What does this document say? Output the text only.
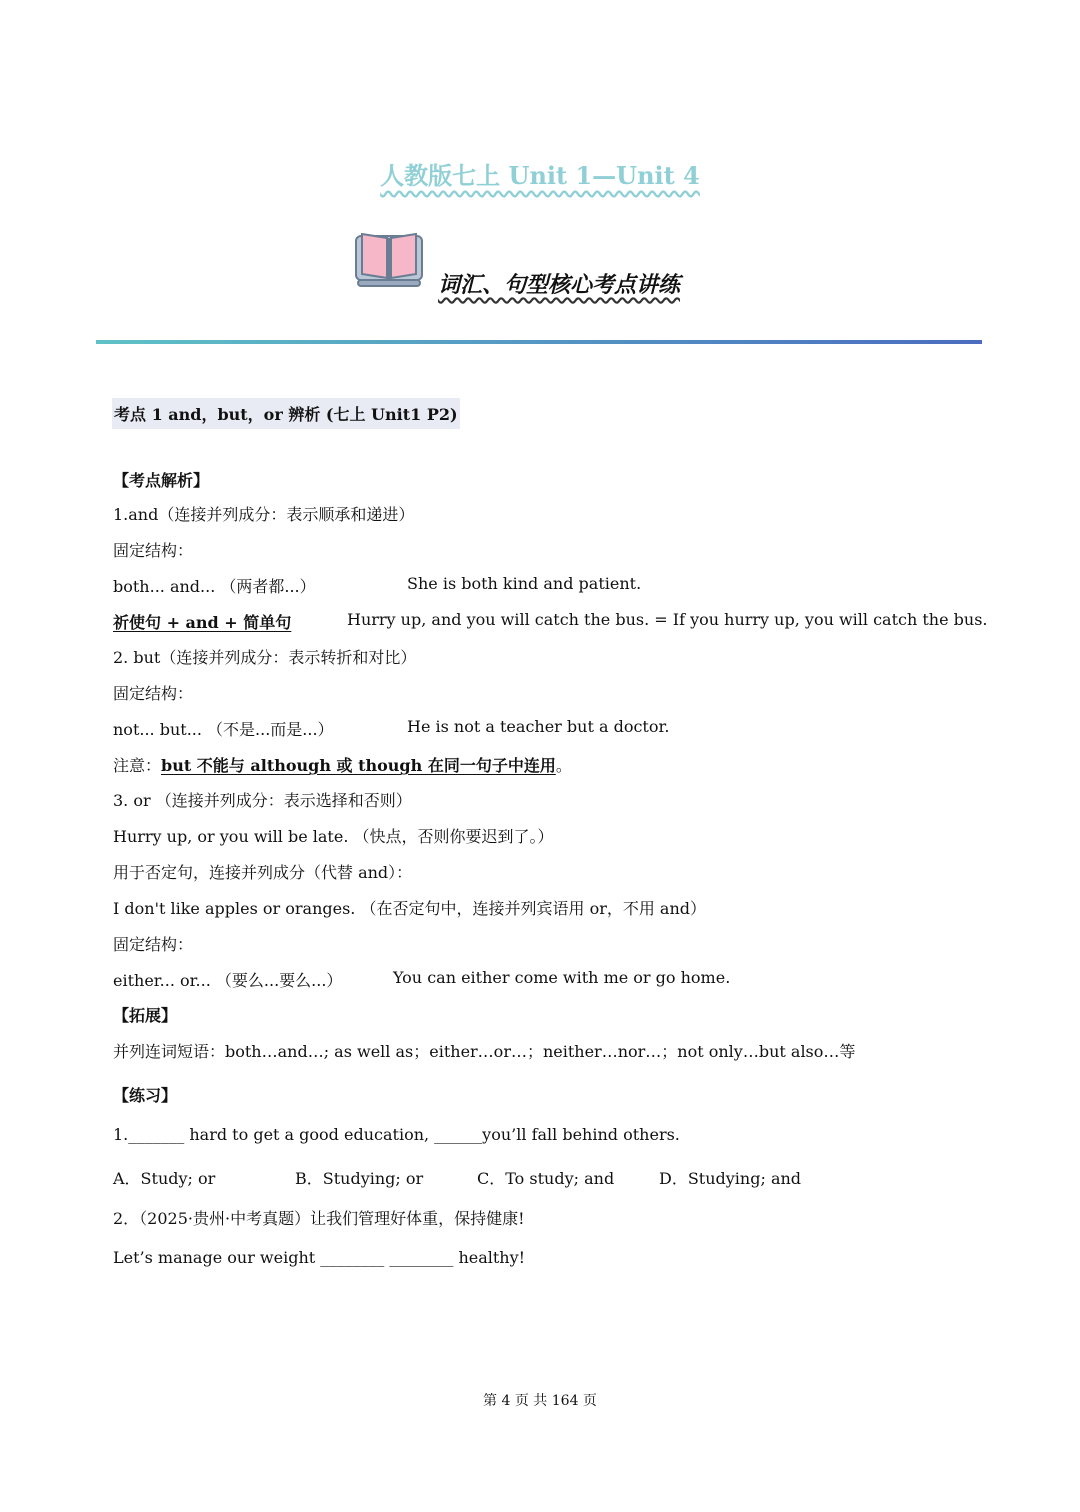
人教版七上 Unit 1—Unit 4
词汇、句型核心考点讲练
考点 1 and，but，or 辨析 (七上 Unit1 P2)
【考点解析】
1.and（连接并列成分：表示顺承和递进）
固定结构：
both... and... （两者都...）	She is both kind and patient.
祈使句 + and + 简单句	Hurry up, and you will catch the bus. = If you hurry up, you will catch the bus.
2. but（连接并列成分：表示转折和对比）
固定结构：
not... but... （不是...而是...）	He is not a teacher but a doctor.
注意：but 不能与 although 或 though 在同一句子中连用。
3. or （连接并列成分：表示选择和否则）
Hurry up, or you will be late. （快点，否则你要迟到了。）
用于否定句，连接并列成分（代替 and）：
I don't like apples or oranges. （在否定句中，连接并列宾语用 or，不用 and）
固定结构：
either... or... （要么...要么...）	You can either come with me or go home.
【拓展】
并列连词短语：both…and…; as well as；either…or…；neither…nor…；not only…but also…等
【练习】
1._______ hard to get a good education, ______you’ll fall behind others.
A．Study; or	B．Studying; or	C．To study; and	D．Studying; and
2．（2025·贵州·中考真题）让我们管理好体重，保持健康!
Let’s manage our weight ________ ________ healthy!
第 4 页 共 164 页
